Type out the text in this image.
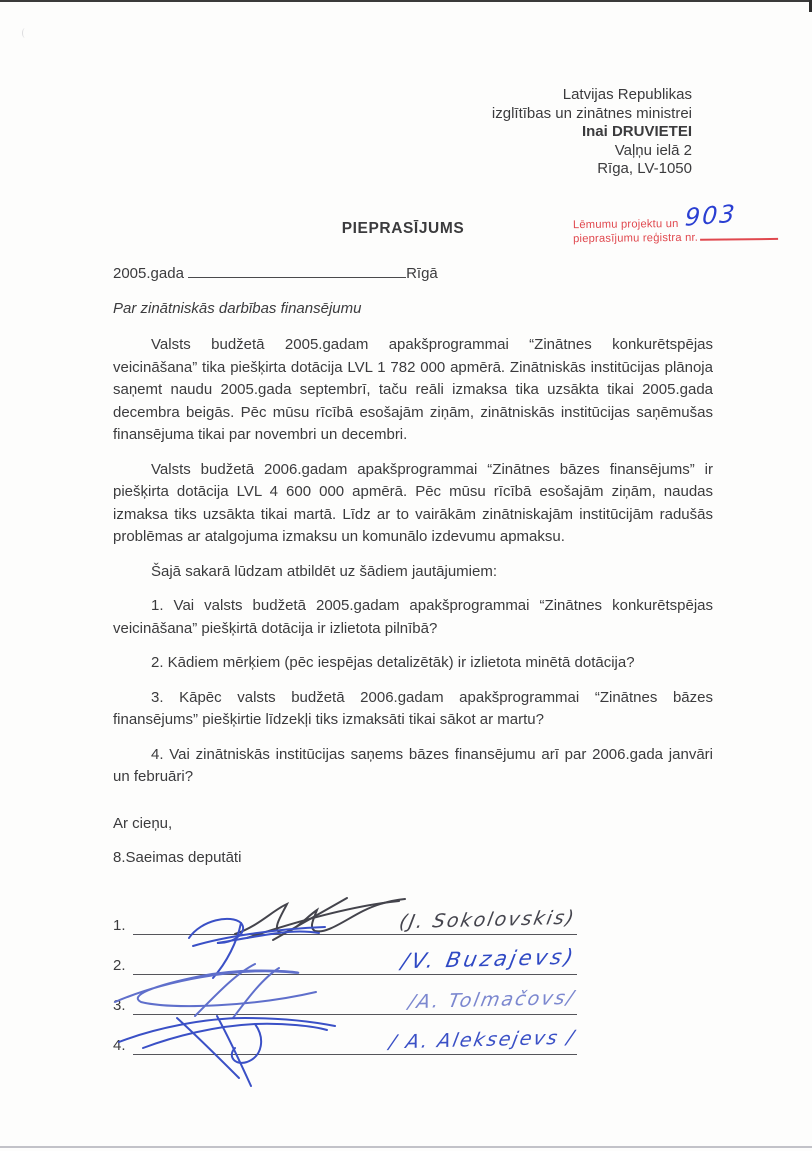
Latvijas Republikas
izglītības un zinātnes ministrei
Inai DRUVIETEI
Vaļņu ielā 2
Rīga, LV-1050
PIEPRASĪJUMS	Lēmumu projektu un
pieprasījumu reģistra nr.
903
2005.gada	Rīgā
Par zinātniskās darbības finansējumu

Valsts budžetā 2005.gadam apakšprogrammai “Zinātnes konkurētspējas veicināšana” tika piešķirta dotācija LVL 1 782 000 apmērā. Zinātniskās institūcijas plānoja saņemt naudu 2005.gada septembrī, taču reāli izmaksa tika uzsākta tikai 2005.gada decembra beigās. Pēc mūsu rīcībā esošajām ziņām, zinātniskās institūcijas saņēmušas finansējuma tikai par novembri un decembri.

Valsts budžetā 2006.gadam apakšprogrammai “Zinātnes bāzes finansējums” ir piešķirta dotācija LVL 4 600 000 apmērā. Pēc mūsu rīcībā esošajām ziņām, naudas izmaksa tiks uzsākta tikai martā. Līdz ar to vairākām zinātniskajām institūcijām radušās problēmas ar atalgojuma izmaksu un komunālo izdevumu apmaksu.

Šajā sakarā lūdzam atbildēt uz šādiem jautājumiem:

1. Vai valsts budžetā 2005.gadam apakšprogrammai “Zinātnes konkurētspējas veicināšana” piešķirtā dotācija ir izlietota pilnībā?

2. Kādiem mērķiem (pēc iespējas detalizētāk) ir izlietota minētā dotācija?

3. Kāpēc valsts budžetā 2006.gadam apakšprogrammai “Zinātnes bāzes finansējums” piešķirtie līdzekļi tiks izmaksāti tikai sākot ar martu?

4. Vai zinātniskās institūcijas saņems bāzes finansējumu arī par 2006.gada janvāri un februāri?

Ar cieņu,

8.Saeimas deputāti

1.	(J. Sokolovskis)
2.	/V. Buzajevs)
3.	/A. Tolmačovs/
4.	/ A. Aleksejevs /
